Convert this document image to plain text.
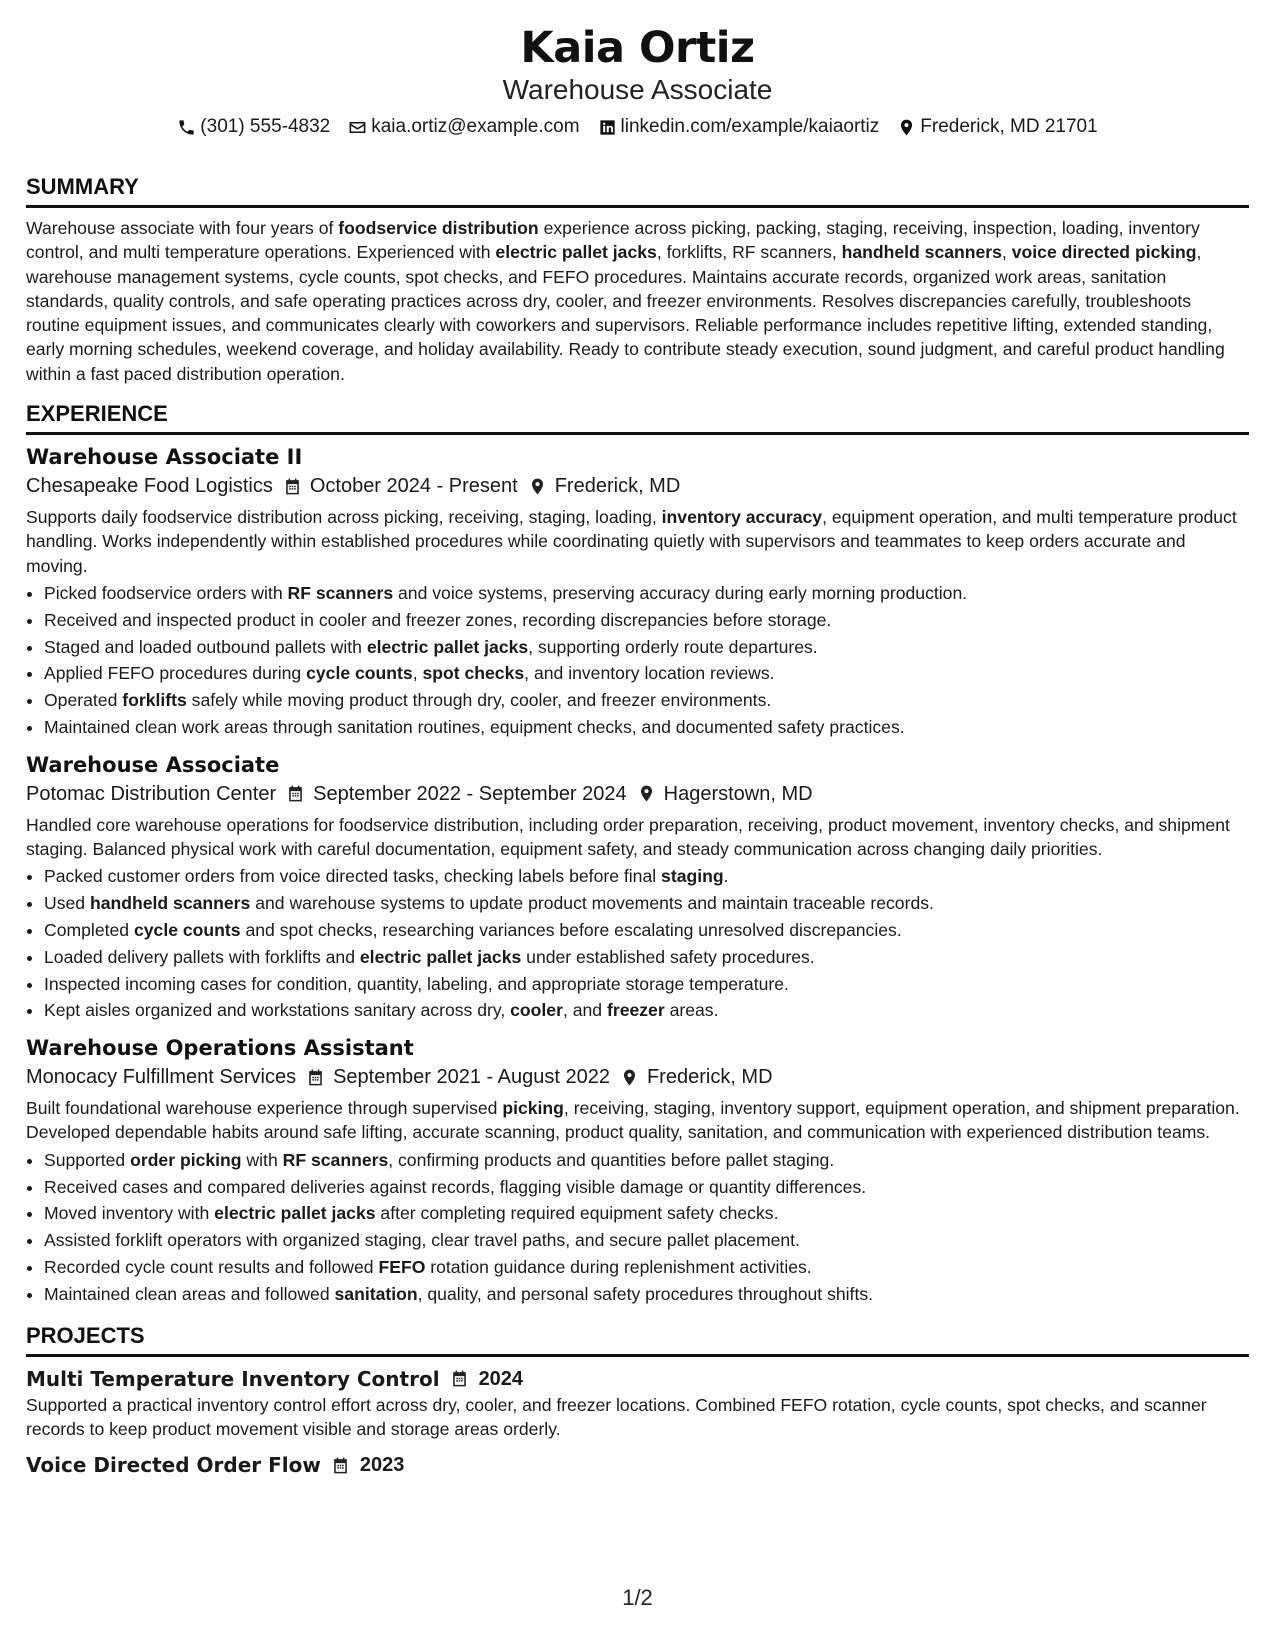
Kaia Ortiz
Warehouse Associate
(301) 555-4832 kaia.ortiz@example.com linkedin.com/example/kaiaortiz Frederick, MD 21701
SUMMARY

Warehouse associate with four years of foodservice distribution experience across picking, packing, staging, receiving, inspection, loading, inventory control, and multi temperature operations. Experienced with electric pallet jacks, forklifts, RF scanners, handheld scanners, voice directed picking, warehouse management systems, cycle counts, spot checks, and FEFO procedures. Maintains accurate records, organized work areas, sanitation standards, quality controls, and safe operating practices across dry, cooler, and freezer environments. Resolves discrepancies carefully, troubleshoots routine equipment issues, and communicates clearly with coworkers and supervisors. Reliable performance includes repetitive lifting, extended standing, early morning schedules, weekend coverage, and holiday availability. Ready to contribute steady execution, sound judgment, and careful product handling within a fast paced distribution operation.

EXPERIENCE
Warehouse Associate II
Chesapeake Food Logistics October 2024 - Present Frederick, MD

Supports daily foodservice distribution across picking, receiving, staging, loading, inventory accuracy, equipment operation, and multi temperature product handling. Works independently within established procedures while coordinating quietly with supervisors and teammates to keep orders accurate and moving.

• Picked foodservice orders with RF scanners and voice systems, preserving accuracy during early morning production.
• Received and inspected product in cooler and freezer zones, recording discrepancies before storage.
• Staged and loaded outbound pallets with electric pallet jacks, supporting orderly route departures.
• Applied FEFO procedures during cycle counts, spot checks, and inventory location reviews.
• Operated forklifts safely while moving product through dry, cooler, and freezer environments.
• Maintained clean work areas through sanitation routines, equipment checks, and documented safety practices.
Warehouse Associate
Potomac Distribution Center September 2022 - September 2024 Hagerstown, MD

Handled core warehouse operations for foodservice distribution, including order preparation, receiving, product movement, inventory checks, and shipment staging. Balanced physical work with careful documentation, equipment safety, and steady communication across changing daily priorities.

• Packed customer orders from voice directed tasks, checking labels before final staging.
• Used handheld scanners and warehouse systems to update product movements and maintain traceable records.
• Completed cycle counts and spot checks, researching variances before escalating unresolved discrepancies.
• Loaded delivery pallets with forklifts and electric pallet jacks under established safety procedures.
• Inspected incoming cases for condition, quantity, labeling, and appropriate storage temperature.
• Kept aisles organized and workstations sanitary across dry, cooler, and freezer areas.
Warehouse Operations Assistant
Monocacy Fulfillment Services September 2021 - August 2022 Frederick, MD

Built foundational warehouse experience through supervised picking, receiving, staging, inventory support, equipment operation, and shipment preparation. Developed dependable habits around safe lifting, accurate scanning, product quality, sanitation, and communication with experienced distribution teams.

• Supported order picking with RF scanners, confirming products and quantities before pallet staging.
• Received cases and compared deliveries against records, flagging visible damage or quantity differences.
• Moved inventory with electric pallet jacks after completing required equipment safety checks.
• Assisted forklift operators with organized staging, clear travel paths, and secure pallet placement.
• Recorded cycle count results and followed FEFO rotation guidance during replenishment activities.
• Maintained clean areas and followed sanitation, quality, and personal safety procedures throughout shifts.
PROJECTS
Multi Temperature Inventory Control 2024

Supported a practical inventory control effort across dry, cooler, and freezer locations. Combined FEFO rotation, cycle counts, spot checks, and scanner records to keep product movement visible and storage areas orderly.

Voice Directed Order Flow 2023
1/2
